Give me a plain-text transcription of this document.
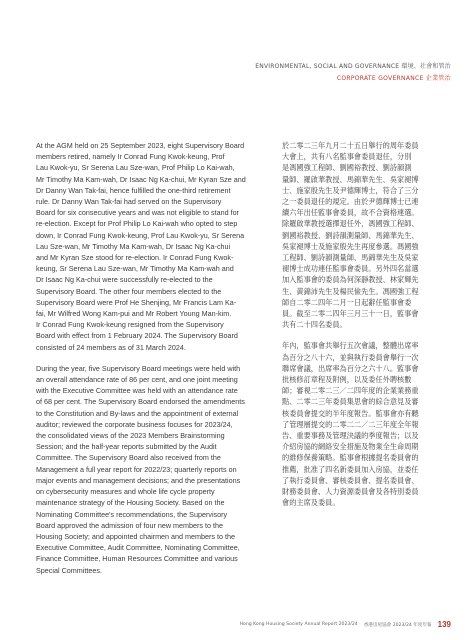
ENVIRONMENTAL, SOCIAL AND GOVERNANCE 環境、社會和管治
CORPORATE GOVERNANCE 企業管治

At the AGM held on 25 September 2023, eight Supervisory Board
members retired, namely Ir Conrad Fung Kwok-keung, Prof
Lau Kwok-yu, Sr Serena Lau Sze-wan, Prof Philip Lo Kai-wah,
Mr Timothy Ma Kam-wah, Dr Isaac Ng Ka-chui, Mr Kyran Sze and
Dr Danny Wan Tak-fai, hence fulfilled the one-third retirement
rule. Dr Danny Wan Tak-fai had served on the Supervisory
Board for six consecutive years and was not eligible to stand for
re-election. Except for Prof Philip Lo Kai-wah who opted to step
down, Ir Conrad Fung Kwok-keung, Prof Lau Kwok-yu, Sr Serena
Lau Sze-wan, Mr Timothy Ma Kam-wah, Dr Isaac Ng Ka-chui
and Mr Kyran Sze stood for re-election. Ir Conrad Fung Kwok-
keung, Sr Serena Lau Sze-wan, Mr Timothy Ma Kam-wah and
Dr Isaac Ng Ka-chui were successfully re-elected to the
Supervisory Board. The other four members elected to the
Supervisory Board were Prof He Shenjing, Mr Francis Lam Ka-
fai, Mr Wilfred Wong Kam-pui and Mr Robert Young Man-kim.
Ir Conrad Fung Kwok-keung resigned from the Supervisory
Board with effect from 1 February 2024. The Supervisory Board
consisted of 24 members as of 31 March 2024.

During the year, five Supervisory Board meetings were held with
an overall attendance rate of 86 per cent, and one joint meeting
with the Executive Committee was held with an attendance rate
of 68 per cent. The Supervisory Board endorsed the amendments
to the Constitution and By-laws and the appointment of external
auditor; reviewed the corporate business focuses for 2023/24,
the consolidated views of the 2023 Members Brainstorming
Session; and the half-year reports submitted by the Audit
Committee. The Supervisory Board also received from the
Management a full year report for 2022/23; quarterly reports on
major events and management decisions; and the presentations
on cybersecurity measures and whole life cycle property
maintenance strategy of the Housing Society. Based on the
Nominating Committee's recommendations, the Supervisory
Board approved the admission of four new members to the
Housing Society; and appointed chairmen and members to the
Executive Committee, Audit Committee, Nominating Committee,
Finance Committee, Human Resources Committee and various
Special Committees.

於二零二三年九月二十五日舉行的周年委員
大會上，共有八名監事會委員退任，分別
是馮國強工程師、劉國裕教授、劉詩韻測
量師、羅啟華教授、馬錦華先生、吳家褪博
士、施家殷先生及尹德輝博士，符合了三分
之一委員退任的規定。由於尹德輝博士已連
續六年出任監事會委員，故不合資格連選。
除羅啟華教授選擇退任外，馮國強工程師、
劉國裕教授、劉詩韻測量師、馬錦華先生、
吳家褪博士及施家殷先生再度參選。馮國強
工程師、劉詩韻測量師、馬錦華先生及吳家
褪博士成功連任監事會委員。另外四名當選
加入監事會的委員為何深靜教授、林家輝先
生、黃錦沛先生及楊民儉先生。馮國強工程
師自二零二四年二月一日起辭任監事會委
員。截至二零二四年三月三十一日，監事會
共有二十四名委員。

年內，監事會共舉行五次會議，整體出席率
為百分之八十六，並與執行委員會舉行一次
聯席會議，出席率為百分之六十八。監事會
批核修訂章程及附例，以及委任外聘核數
師；審視二零二三／二四年度的企業業務重
點、二零二三年委員集思會的綜合意見及審
核委員會提交的半年度報告。監事會亦有聽
了管理層提交的二零二二／二三年度全年報
告、重要事務及管理決議的季度報告；以及
介紹房協的網絡安全措施及物業全生命周期
的維修保養策略。監事會根據提名委員會的
推薦，批准了四名新委員加入房協，並委任
了執行委員會、審核委員會、提名委員會、
財務委員會、人力資源委員會及各特別委員
會的主席及委員。

Hong Kong Housing Society Annual Report 2023/24 香港房屋協會 2023/24 年度年報 139
